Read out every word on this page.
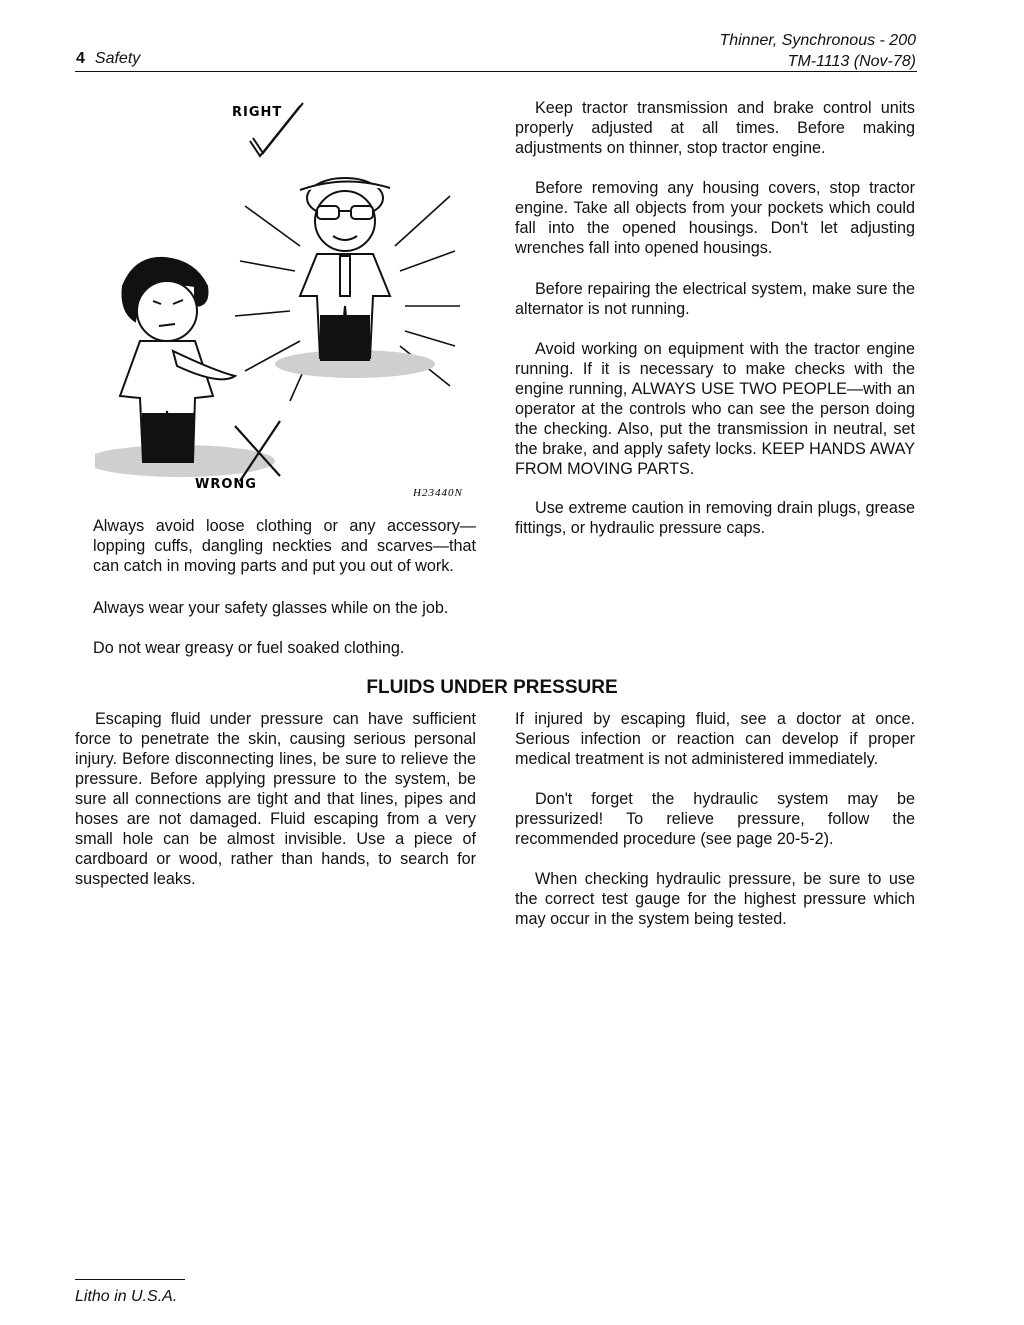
4 Safety
Thinner, Synchronous - 200
TM-1113 (Nov-78)
RIGHT
WRONG
H23440N

Always avoid loose clothing or any accessory—lopping cuffs, dangling neckties and scarves—that can catch in moving parts and put you out of work.

Always wear your safety glasses while on the job.

Do not wear greasy or fuel soaked clothing.

Keep tractor transmission and brake control units properly adjusted at all times. Before making adjustments on thinner, stop tractor engine.

Before removing any housing covers, stop tractor engine. Take all objects from your pockets which could fall into the opened housings. Don't let adjusting wrenches fall into opened housings.

Before repairing the electrical system, make sure the alternator is not running.

Avoid working on equipment with the tractor engine running. If it is necessary to make checks with the engine running, ALWAYS USE TWO PEOPLE—with an operator at the controls who can see the person doing the checking. Also, put the transmission in neutral, set the brake, and apply safety locks. KEEP HANDS AWAY FROM MOVING PARTS.

Use extreme caution in removing drain plugs, grease fittings, or hydraulic pressure caps.

FLUIDS UNDER PRESSURE

Escaping fluid under pressure can have sufficient force to penetrate the skin, causing serious personal injury. Before disconnecting lines, be sure to relieve the pressure. Before applying pressure to the system, be sure all connections are tight and that lines, pipes and hoses are not damaged. Fluid escaping from a very small hole can be almost invisible. Use a piece of cardboard or wood, rather than hands, to search for suspected leaks.

If injured by escaping fluid, see a doctor at once. Serious infection or reaction can develop if proper medical treatment is not administered immediately.

Don't forget the hydraulic system may be pressurized! To relieve pressure, follow the recommended procedure (see page 20-5-2).

When checking hydraulic pressure, be sure to use the correct test gauge for the highest pressure which may occur in the system being tested.

Litho in U.S.A.
